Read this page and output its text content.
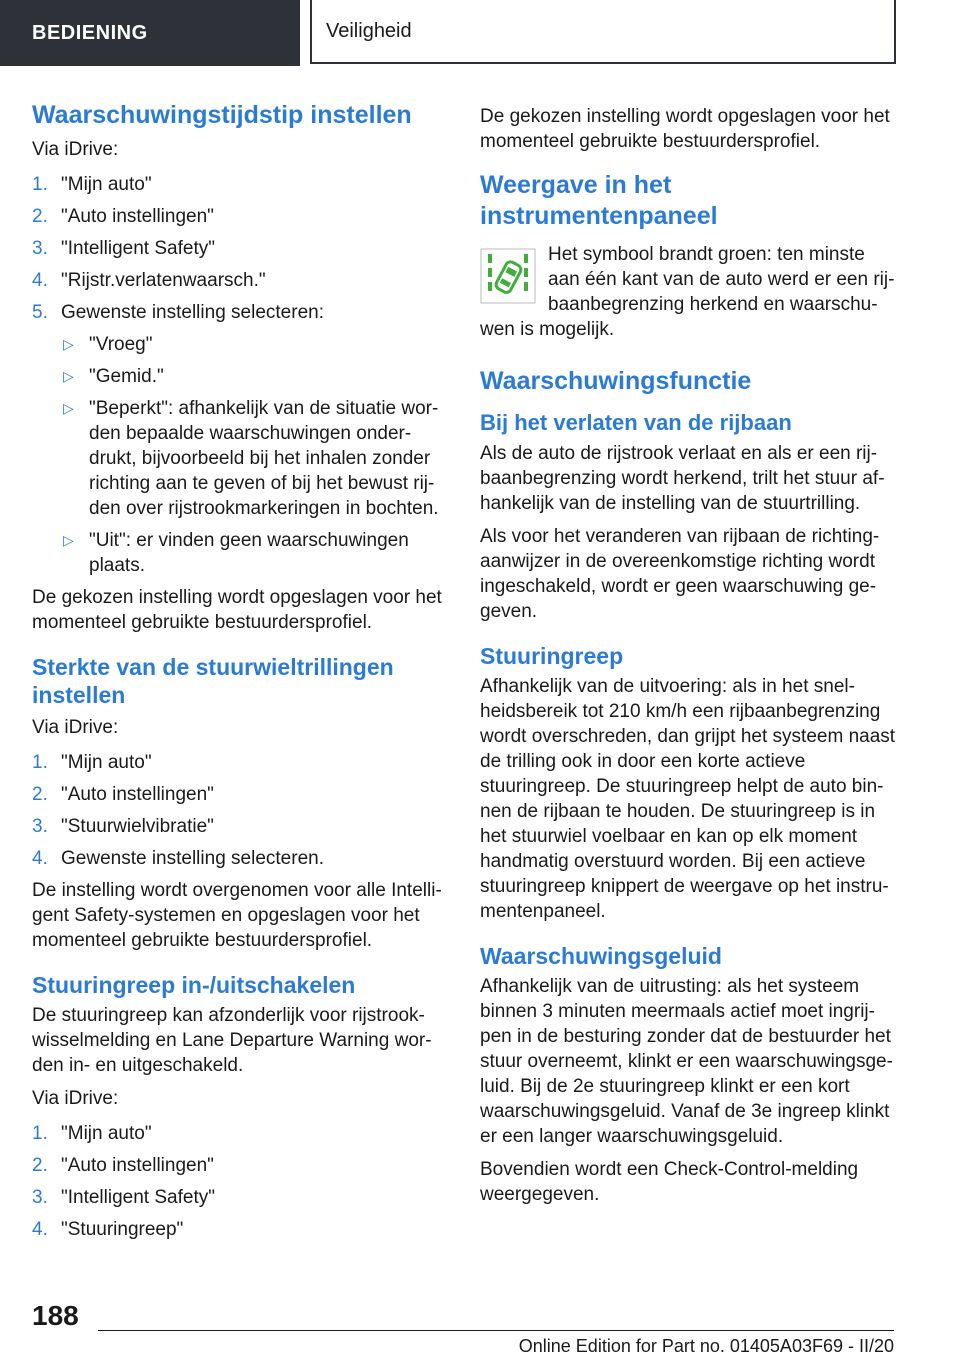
BEDIENING	Veiligheid
Waarschuwingstijdstip instellen

Via iDrive:

1. "Mijn auto"
2. "Auto instellingen"
3. "Intelligent Safety"
4. "Rijstr.verlatenwaarsch."
5. Gewenste instelling selecteren:
▷ "Vroeg"
▷ "Gemid."
▷ "Beperkt": afhankelijk van de situatie worden bepaalde waarschuwingen onderdrukt, bijvoorbeeld bij het inhalen zonder richting aan te geven of bij het bewust rijden over rijstrookmarkeringen in bochten.
▷ "Uit": er vinden geen waarschuwingen plaats.

De gekozen instelling wordt opgeslagen voor het momenteel gebruikte bestuurdersprofiel.

Sterkte van de stuurwieltrillingen instellen

Via iDrive:

1. "Mijn auto"
2. "Auto instellingen"
3. "Stuurwielvibratie"
4. Gewenste instelling selecteren.

De instelling wordt overgenomen voor alle Intelligent Safety-systemen en opgeslagen voor het momenteel gebruikte bestuurdersprofiel.

Stuuringreep in-/uitschakelen

De stuuringreep kan afzonderlijk voor rijstrookwisselmelding en Lane Departure Warning worden in- en uitgeschakeld.

Via iDrive:

1. "Mijn auto"
2. "Auto instellingen"
3. "Intelligent Safety"
4. "Stuuringreep"

De gekozen instelling wordt opgeslagen voor het momenteel gebruikte bestuurdersprofiel.

Weergave in het instrumentenpaneel
Het symbool brandt groen: ten minste aan één kant van de auto werd er een rijbaanbegrenzing herkend en waarschuwen is mogelijk.
Waarschuwingsfunctie
Bij het verlaten van de rijbaan

Als de auto de rijstrook verlaat en als er een rijbaanbegrenzing wordt herkend, trilt het stuur afhankelijk van de instelling van de stuurtrilling.

Als voor het veranderen van rijbaan de richtingaanwijzer in de overeenkomstige richting wordt ingeschakeld, wordt er geen waarschuwing gegeven.

Stuuringreep

Afhankelijk van de uitvoering: als in het snelheidsbereik tot 210 km/h een rijbaanbegrenzing wordt overschreden, dan grijpt het systeem naast de trilling ook in door een korte actieve stuuringreep. De stuuringreep helpt de auto binnen de rijbaan te houden. De stuuringreep is in het stuurwiel voelbaar en kan op elk moment handmatig overstuurd worden. Bij een actieve stuuringreep knippert de weergave op het instrumentenpaneel.

Waarschuwingsgeluid

Afhankelijk van de uitrusting: als het systeem binnen 3 minuten meermaals actief moet ingrijpen in de besturing zonder dat de bestuurder het stuur overneemt, klinkt er een waarschuwingsgeluid. Bij de 2e stuuringreep klinkt er een kort waarschuwingsgeluid. Vanaf de 3e ingreep klinkt er een langer waarschuwingsgeluid.

Bovendien wordt een Check-Control-melding weergegeven.

188
Online Edition for Part no. 01405A03F69 - II/20
